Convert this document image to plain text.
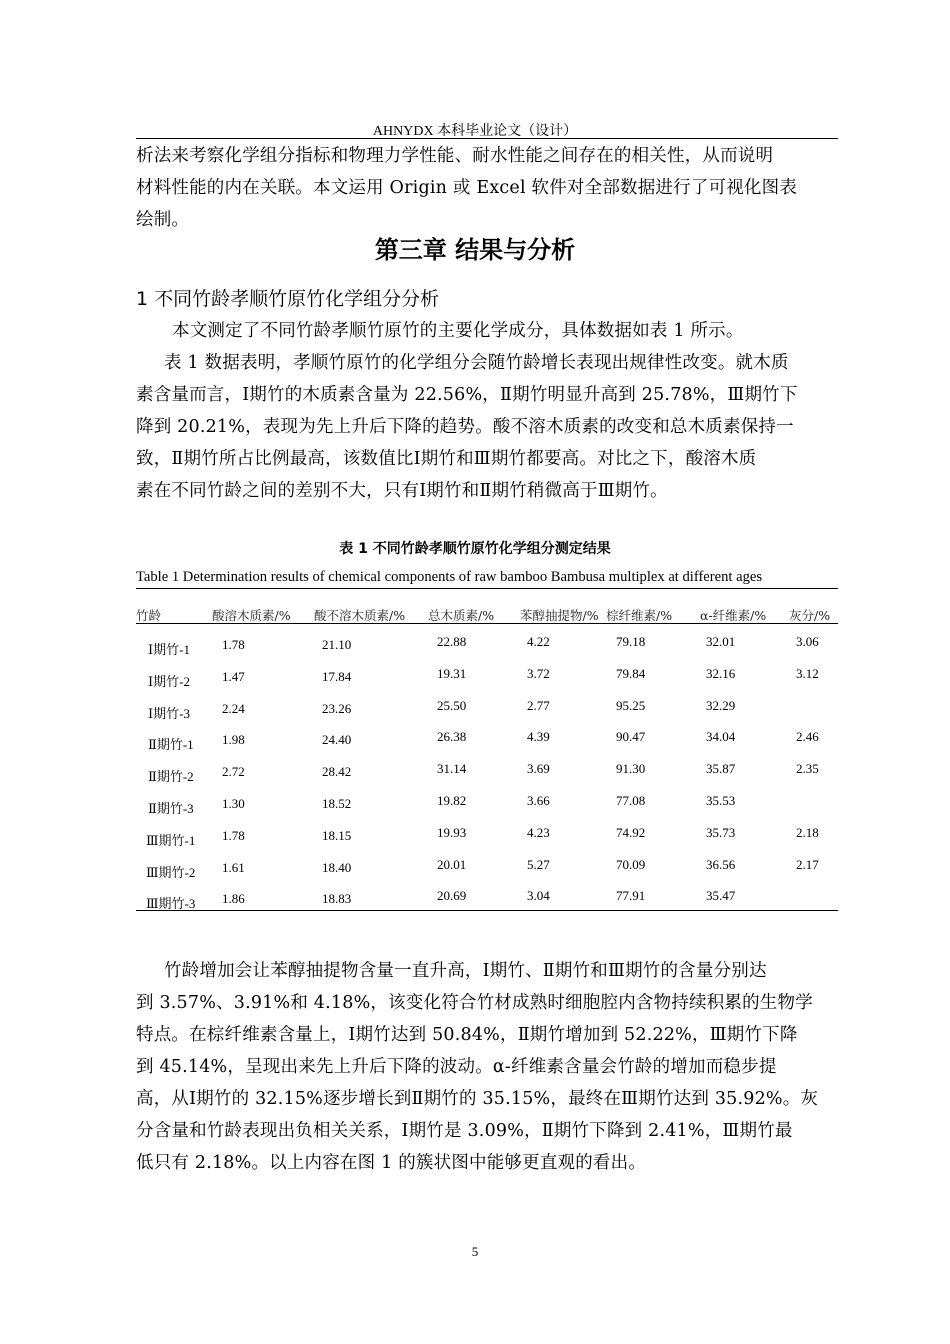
AHNYDX 本科毕业论文（设计）
析法来考察化学组分指标和物理力学性能、耐水性能之间存在的相关性，从而说明
材料性能的内在关联。本文运用 Origin 或 Excel 软件对全部数据进行了可视化图表
绘制。
第三章 结果与分析
1 不同竹龄孝顺竹原竹化学组分分析
本文测定了不同竹龄孝顺竹原竹的主要化学成分，具体数据如表 1 所示。
表 1 数据表明，孝顺竹原竹的化学组分会随竹龄增长表现出规律性改变。就木质
素含量而言，Ⅰ期竹的木质素含量为 22.56%，Ⅱ期竹明显升高到 25.78%，Ⅲ期竹下
降到 20.21%，表现为先上升后下降的趋势。酸不溶木质素的改变和总木质素保持一
致，Ⅱ期竹所占比例最高，该数值比Ⅰ期竹和Ⅲ期竹都要高。对比之下，酸溶木质
素在不同竹龄之间的差别不大，只有Ⅰ期竹和Ⅱ期竹稍微高于Ⅲ期竹。
表 1 不同竹龄孝顺竹原竹化学组分测定结果
Table 1 Determination results of chemical components of raw bamboo Bambusa multiplex at different ages
竹龄	酸溶木质素/% 酸不溶木质素/% 总木质素/% 苯醇抽提物/% 棕纤维素/% α-纤维素/% 灰分/%
Ⅰ期竹-1 1.78	21.10	22.88	4.22	79.18	32.01	3.06
Ⅰ期竹-2 1.47	17.84	19.31	3.72	79.84	32.16	3.12
Ⅰ期竹-3 2.24	23.26	25.50	2.77	95.25	32.29
Ⅱ期竹-1 1.98	24.40	26.38	4.39	90.47	34.04	2.46
Ⅱ期竹-2 2.72	28.42	31.14	3.69	91.30	35.87	2.35
Ⅱ期竹-3 1.30	18.52	19.82	3.66	77.08	35.53
Ⅲ期竹-1 1.78	18.15	19.93	4.23	74.92	35.73	2.18
Ⅲ期竹-2 1.61	18.40	20.01	5.27	70.09	36.56	2.17
Ⅲ期竹-3 1.86	18.83	20.69	3.04	77.91	35.47
竹龄增加会让苯醇抽提物含量一直升高，Ⅰ期竹、Ⅱ期竹和Ⅲ期竹的含量分别达
到 3.57%、3.91%和 4.18%，该变化符合竹材成熟时细胞腔内含物持续积累的生物学
特点。在棕纤维素含量上，Ⅰ期竹达到 50.84%，Ⅱ期竹增加到 52.22%，Ⅲ期竹下降
到 45.14%，呈现出来先上升后下降的波动。α-纤维素含量会竹龄的增加而稳步提
高，从Ⅰ期竹的 32.15%逐步增长到Ⅱ期竹的 35.15%，最终在Ⅲ期竹达到 35.92%。灰
分含量和竹龄表现出负相关关系，Ⅰ期竹是 3.09%，Ⅱ期竹下降到 2.41%，Ⅲ期竹最
低只有 2.18%。以上内容在图 1 的簇状图中能够更直观的看出。
5
